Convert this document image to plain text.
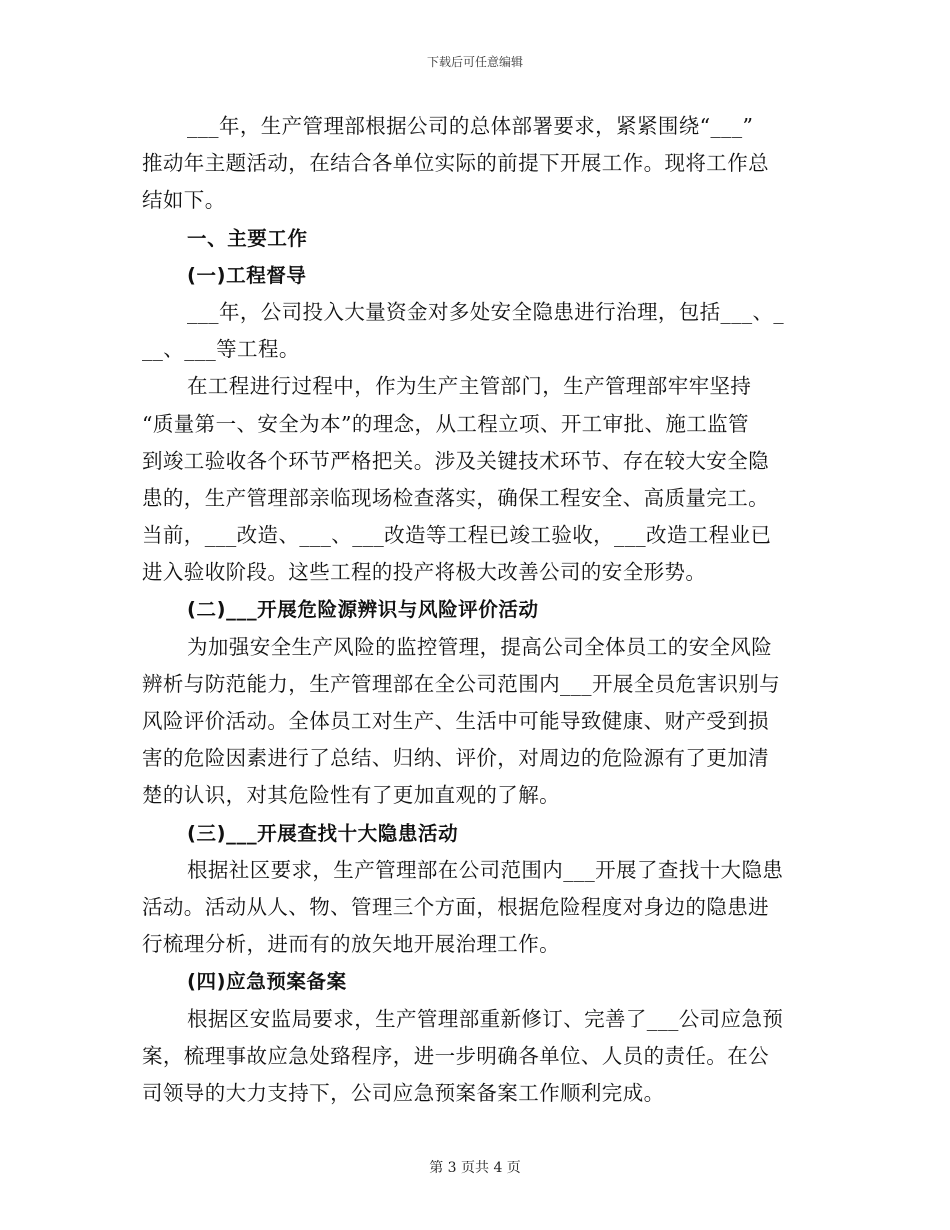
下载后可任意编辑
___年，生产管理部根据公司的总体部署要求，紧紧围绕“___”
推动年主题活动，在结合各单位实际的前提下开展工作。现将工作总
结如下。
一、主要工作
(一)工程督导
___年，公司投入大量资金对多处安全隐患进行治理，包括___、_
__、___等工程。
在工程进行过程中，作为生产主管部门，生产管理部牢牢坚持
“质量第一、安全为本”的理念，从工程立项、开工审批、施工监管
到竣工验收各个环节严格把关。涉及关键技术环节、存在较大安全隐
患的，生产管理部亲临现场检查落实，确保工程安全、高质量完工。
当前，___改造、___、___改造等工程已竣工验收，___改造工程业已
进入验收阶段。这些工程的投产将极大改善公司的安全形势。
(二)___开展危险源辨识与风险评价活动
为加强安全生产风险的监控管理，提高公司全体员工的安全风险
辨析与防范能力，生产管理部在全公司范围内___开展全员危害识别与
风险评价活动。全体员工对生产、生活中可能导致健康、财产受到损
害的危险因素进行了总结、归纳、评价，对周边的危险源有了更加清
楚的认识，对其危险性有了更加直观的了解。
(三)___开展查找十大隐患活动
根据社区要求，生产管理部在公司范围内___开展了查找十大隐患
活动。活动从人、物、管理三个方面，根据危险程度对身边的隐患进
行梳理分析，进而有的放矢地开展治理工作。
(四)应急预案备案
根据区安监局要求，生产管理部重新修订、完善了___公司应急预
案，梳理事故应急处臵程序，进一步明确各单位、人员的责任。在公
司领导的大力支持下，公司应急预案备案工作顺利完成。
第 3 页共 4 页
